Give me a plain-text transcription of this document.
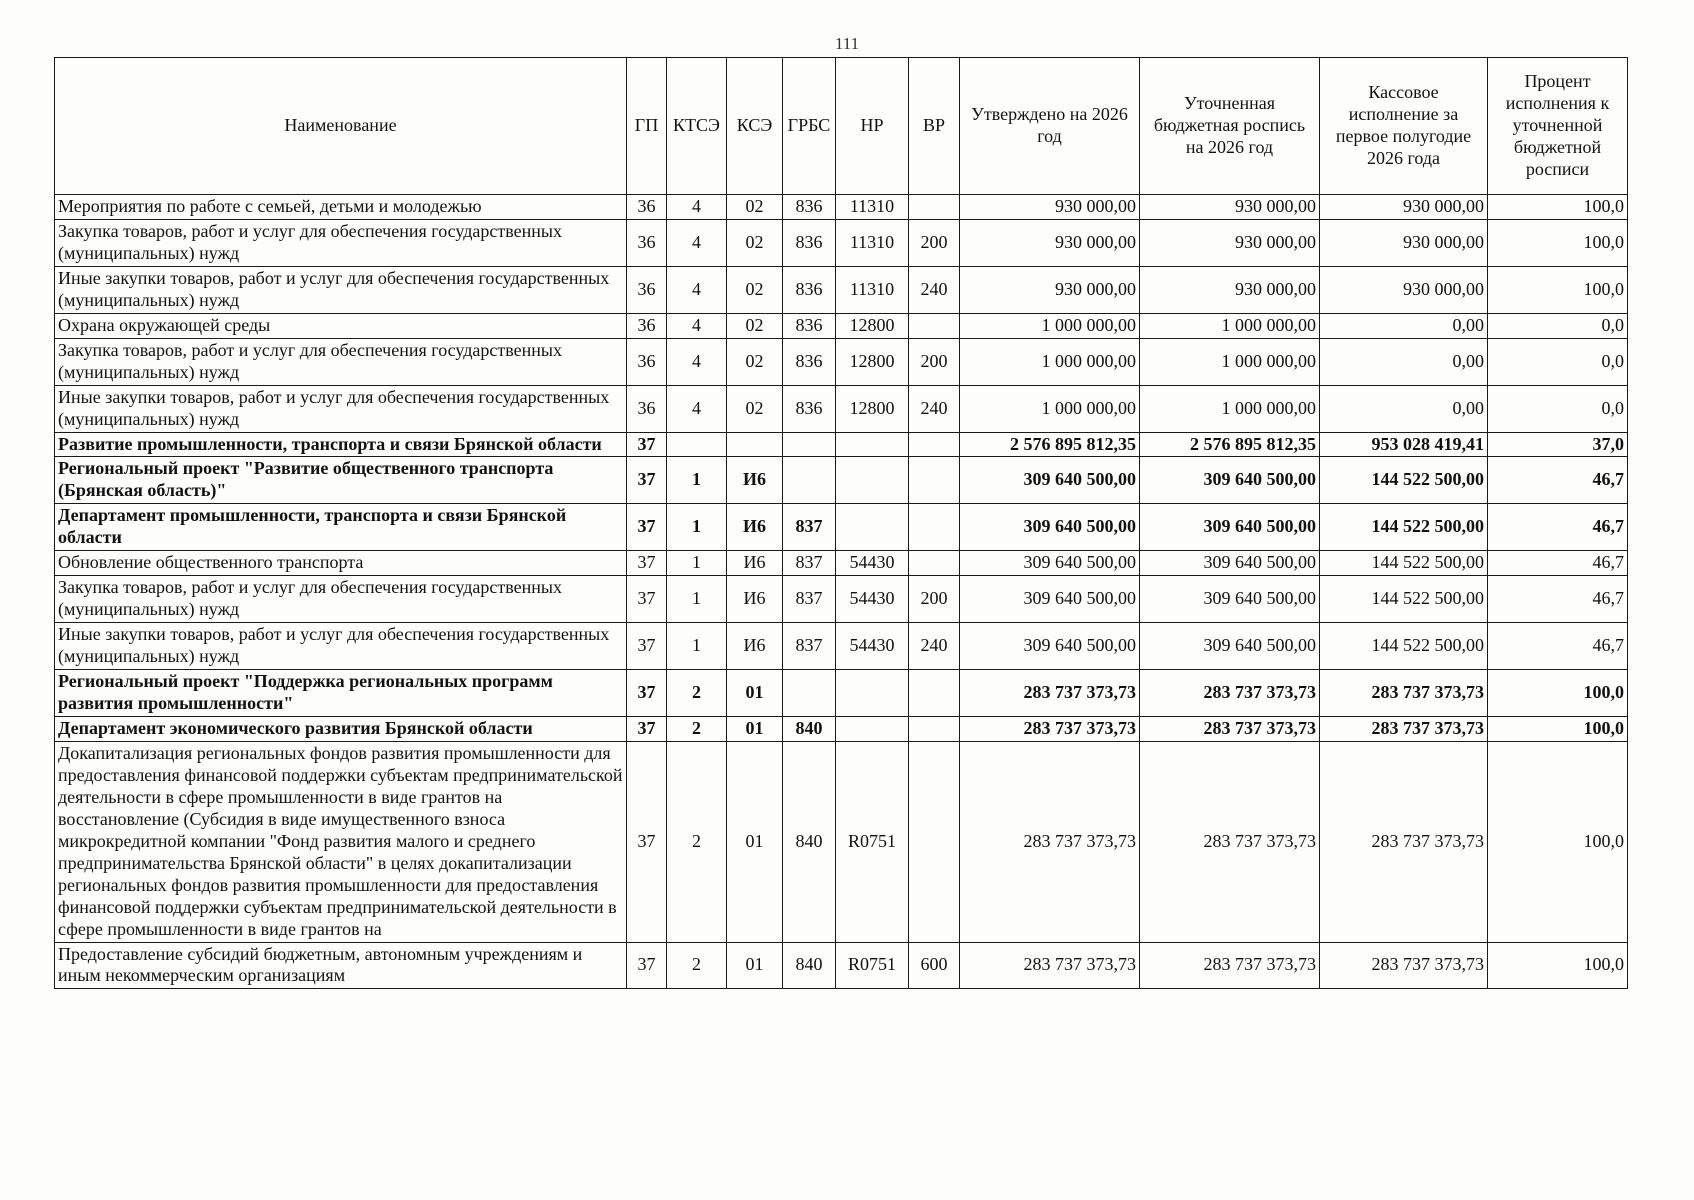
111
Наименование	ГП	КТСЭ	КСЭ	ГРБС	НР	ВР	Утверждено на 2026 год	Уточненная бюджетная роспись на 2026 год	Кассовое исполнение за первое полугодие 2026 года	Процент исполнения к уточненной бюджетной росписи
Мероприятия по работе с семьей, детьми и молодежью	36	4	02	836	11310		930 000,00	930 000,00	930 000,00	100,0
Закупка товаров, работ и услуг для обеспечения государственных (муниципальных) нужд	36	4	02	836	11310	200	930 000,00	930 000,00	930 000,00	100,0
Иные закупки товаров, работ и услуг для обеспечения государственных (муниципальных) нужд	36	4	02	836	11310	240	930 000,00	930 000,00	930 000,00	100,0
Охрана окружающей среды	36	4	02	836	12800		1 000 000,00	1 000 000,00	0,00	0,0
Закупка товаров, работ и услуг для обеспечения государственных (муниципальных) нужд	36	4	02	836	12800	200	1 000 000,00	1 000 000,00	0,00	0,0
Иные закупки товаров, работ и услуг для обеспечения государственных (муниципальных) нужд	36	4	02	836	12800	240	1 000 000,00	1 000 000,00	0,00	0,0
Развитие промышленности, транспорта и связи Брянской области	37						2 576 895 812,35	2 576 895 812,35	953 028 419,41	37,0
Региональный проект "Развитие общественного транспорта (Брянская область)"	37	1	И6				309 640 500,00	309 640 500,00	144 522 500,00	46,7
Департамент промышленности, транспорта и связи Брянской области	37	1	И6	837			309 640 500,00	309 640 500,00	144 522 500,00	46,7
Обновление общественного транспорта	37	1	И6	837	54430		309 640 500,00	309 640 500,00	144 522 500,00	46,7
Закупка товаров, работ и услуг для обеспечения государственных (муниципальных) нужд	37	1	И6	837	54430	200	309 640 500,00	309 640 500,00	144 522 500,00	46,7
Иные закупки товаров, работ и услуг для обеспечения государственных (муниципальных) нужд	37	1	И6	837	54430	240	309 640 500,00	309 640 500,00	144 522 500,00	46,7
Региональный проект "Поддержка региональных программ развития промышленности"	37	2	01				283 737 373,73	283 737 373,73	283 737 373,73	100,0
Департамент экономического развития Брянской области	37	2	01	840			283 737 373,73	283 737 373,73	283 737 373,73	100,0
Докапитализация региональных фондов развития промышленности для предоставления финансовой поддержки субъектам предпринимательской деятельности в сфере промышленности в виде грантов на восстановление (Субсидия в виде имущественного взноса микрокредитной компании "Фонд развития малого и среднего предпринимательства Брянской области" в целях докапитализации региональных фондов развития промышленности для предоставления финансовой поддержки субъектам предпринимательской деятельности в сфере промышленности в виде грантов на	37	2	01	840	R0751		283 737 373,73	283 737 373,73	283 737 373,73	100,0
Предоставление субсидий бюджетным, автономным учреждениям и иным некоммерческим организациям	37	2	01	840	R0751	600	283 737 373,73	283 737 373,73	283 737 373,73	100,0
